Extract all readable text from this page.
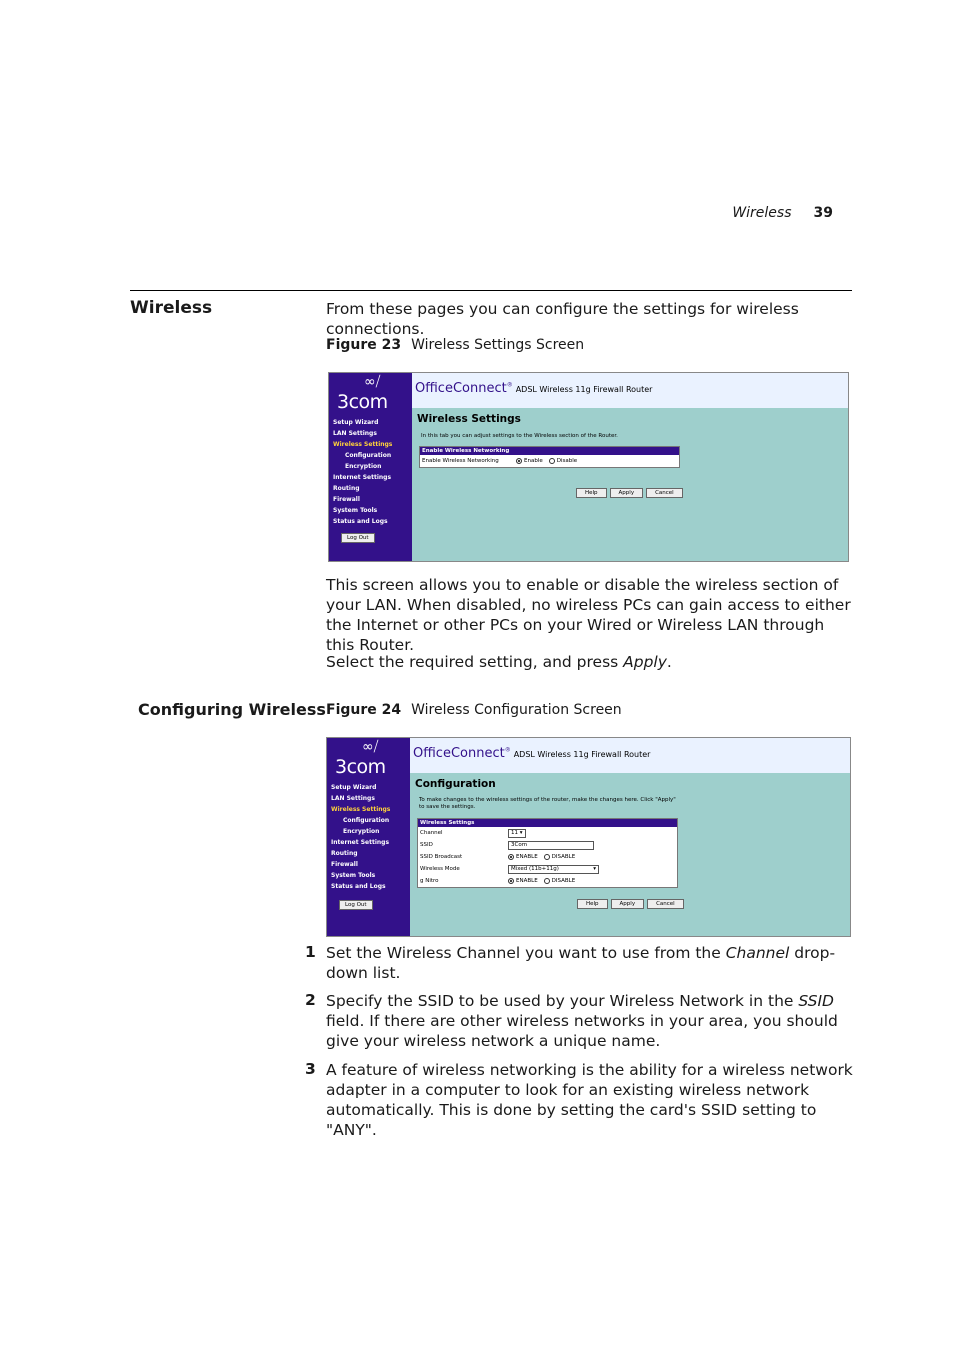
Wireless 39
Wireless	From these pages you can configure the settings for wireless connections.
Figure 23 Wireless Settings Screen
∞⧸
3com
Setup Wizard
LAN Settings
Wireless Settings
Configuration
Encryption
Internet Settings
Routing
Firewall
System Tools
Status and Logs
Log Out
OfficeConnect® ADSL Wireless 11g Firewall Router
Wireless Settings
In this tab you can adjust settings to the Wireless section of the Router.
Enable Wireless Networking
Enable Wireless Networking	Enable	Disable
Help	Apply	Cancel
This screen allows you to enable or disable the wireless section of your LAN. When disabled, no wireless PCs can gain access to either the Internet or other PCs on your Wired or Wireless LAN through this Router.
Select the required setting, and press Apply.
Configuring Wireless Figure 24 Wireless Configuration Screen
∞⧸
3com
Setup Wizard
LAN Settings
Wireless Settings
Configuration
Encryption
Internet Settings
Routing
Firewall
System Tools
Status and Logs
Log Out
OfficeConnect® ADSL Wireless 11g Firewall Router
Configuration
To make changes to the wireless settings of the router, make the changes here. Click "Apply" to save the settings.
Wireless Settings
Channel	11 ▾
SSID	3Com
SSID Broadcast	ENABLE	DISABLE
Wireless Mode	Mixed (11b+11g)	▾
g Nitro	ENABLE	DISABLE
Help	Apply	Cancel
1 Set the Wireless Channel you want to use from the Channel drop-down list.
2 Specify the SSID to be used by your Wireless Network in the SSID field. If there are other wireless networks in your area, you should give your wireless network a unique name.
3 A feature of wireless networking is the ability for a wireless network adapter in a computer to look for an existing wireless network automatically. This is done by setting the card's SSID setting to "ANY".
